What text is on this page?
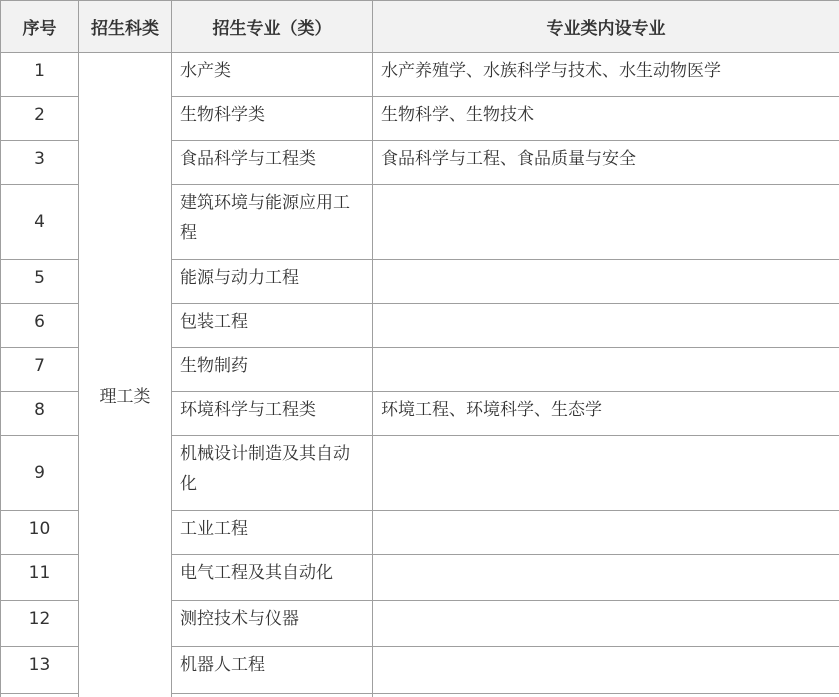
序号	招生科类	招生专业（类）	专业类内设专业
1	理工类	水产类	水产养殖学、水族科学与技术、水生动物医学
2		生物科学类	生物科学、生物技术
3		食品科学与工程类	食品科学与工程、食品质量与安全
4		建筑环境与能源应用工程	
5		能源与动力工程	
6		包装工程	
7		生物制药	
8		环境科学与工程类	环境工程、环境科学、生态学
9		机械设计制造及其自动化	
10		工业工程	
11		电气工程及其自动化	
12		测控技术与仪器	
13		机器人工程	
